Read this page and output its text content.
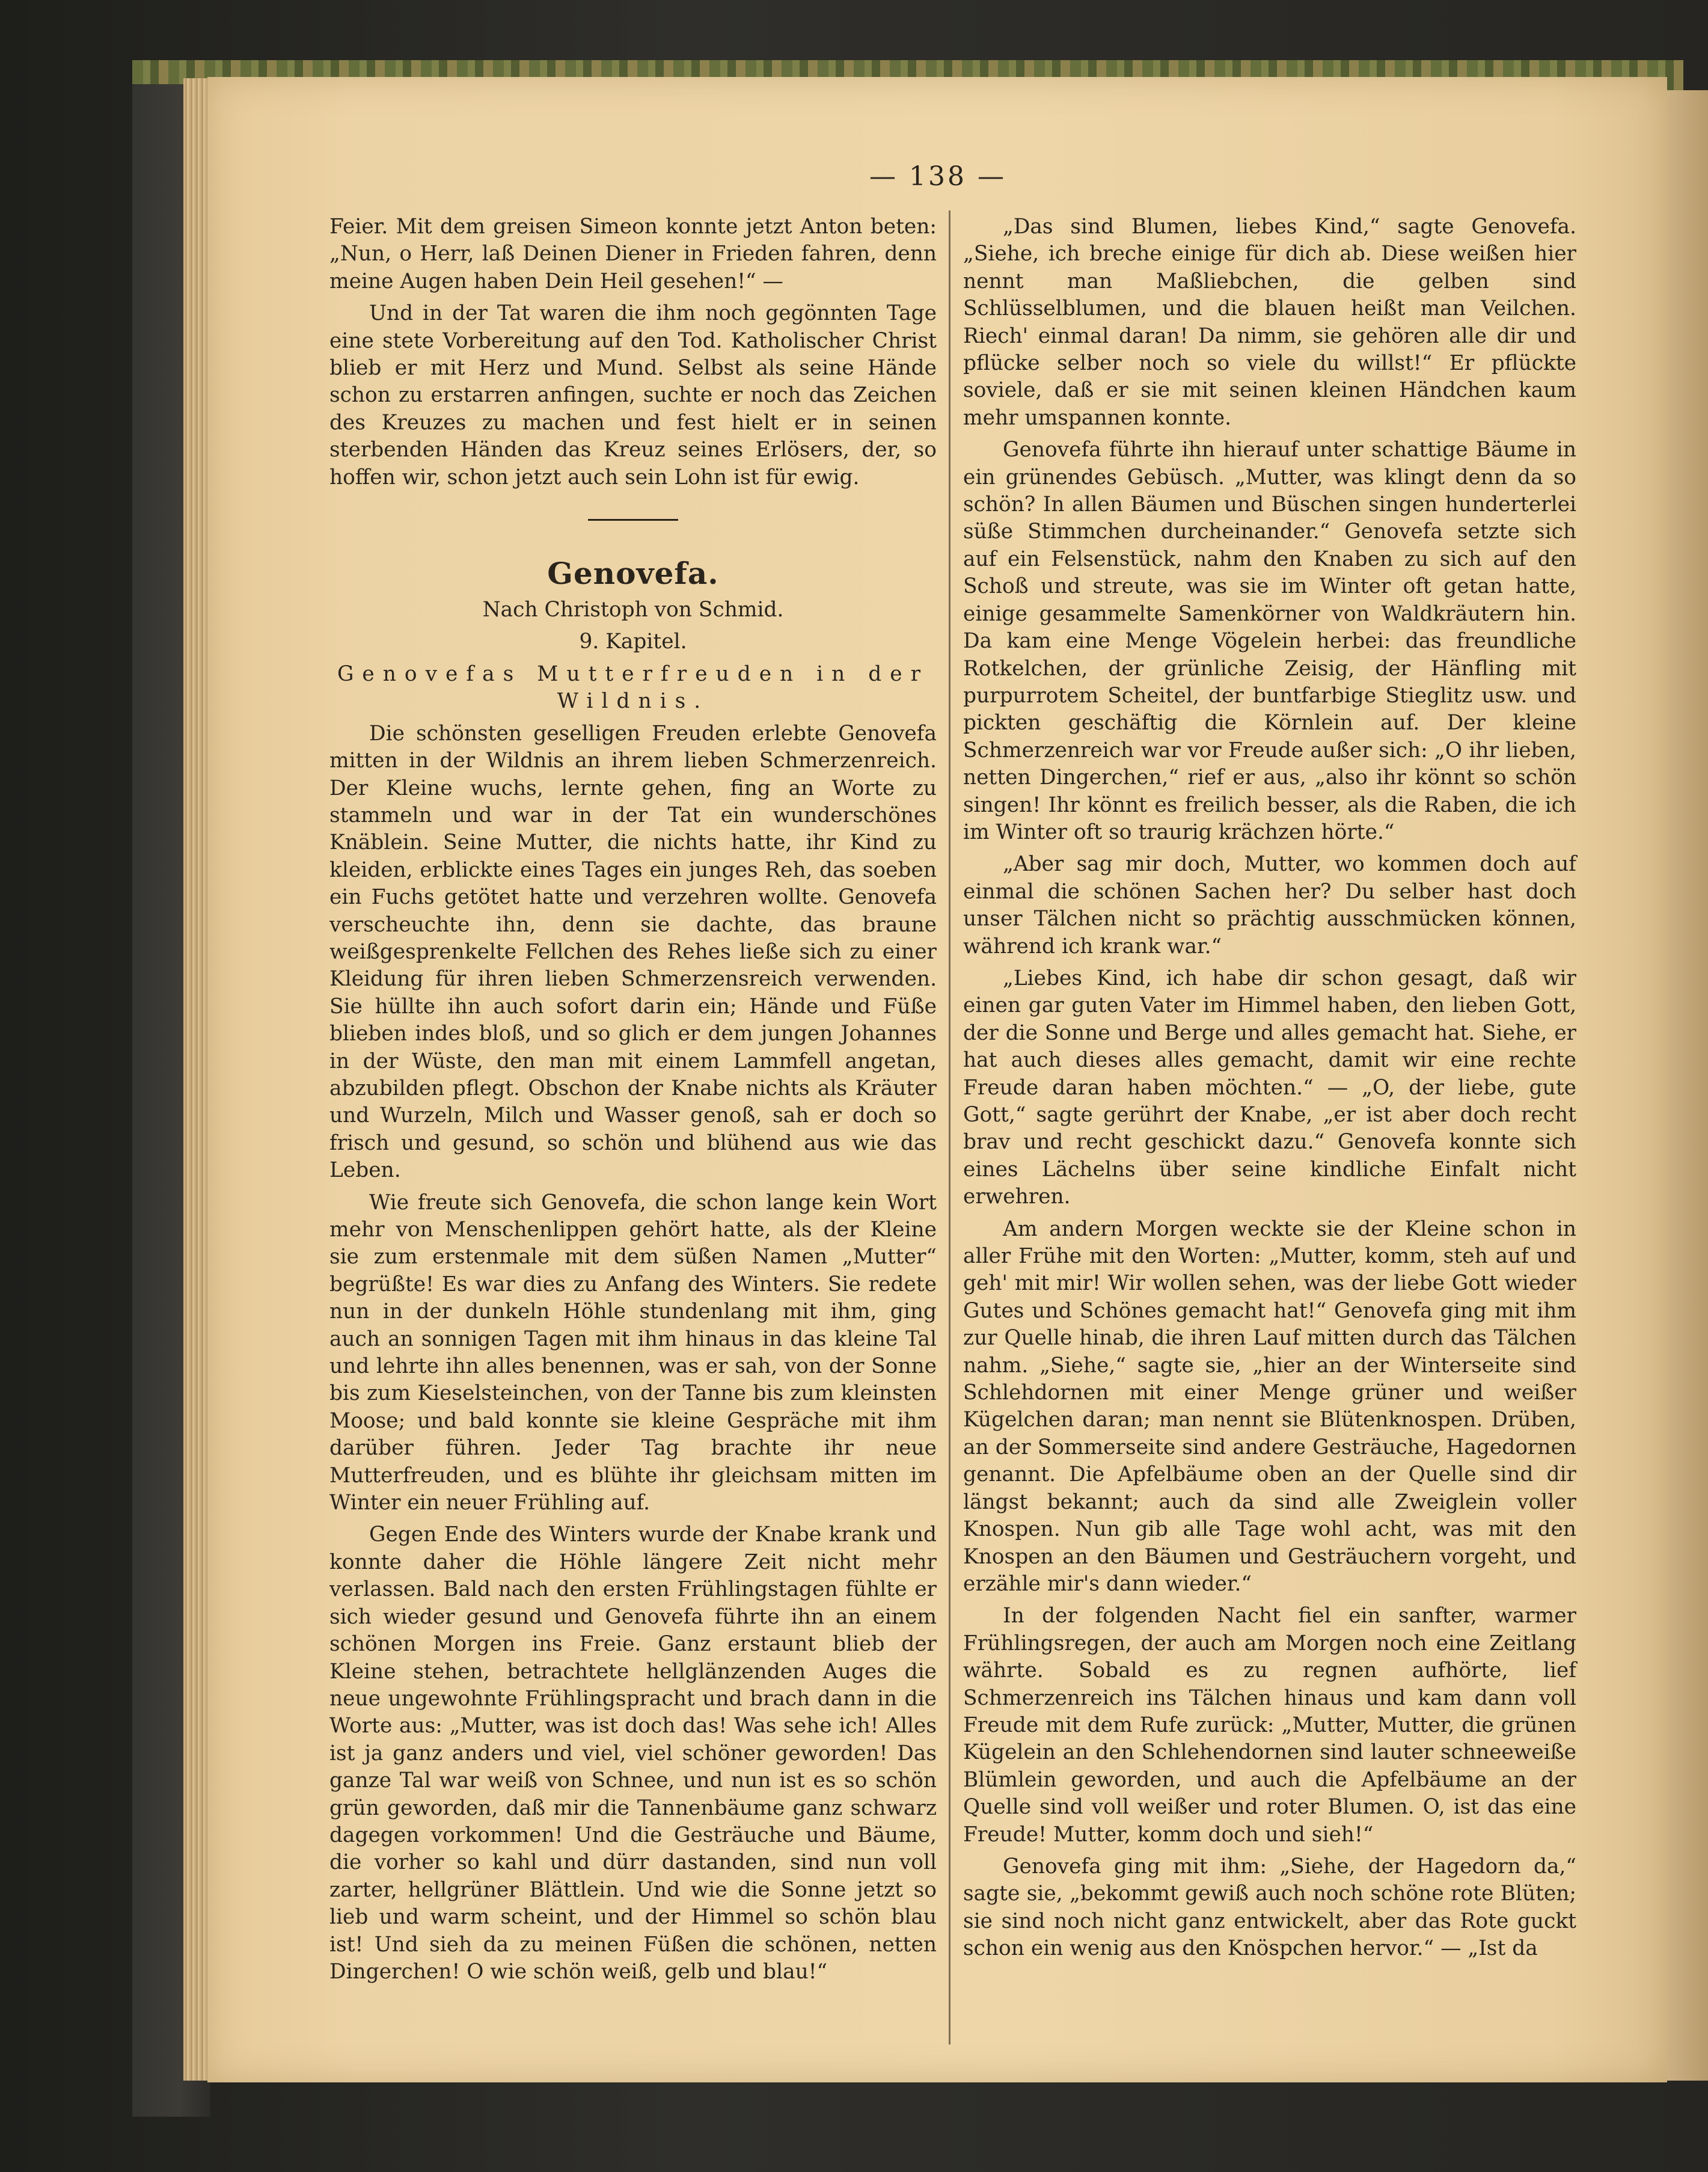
— 138 —

Feier. Mit dem greisen Simeon konnte jetzt Anton beten: „Nun, o Herr, laß Deinen Diener in Frieden fahren, denn meine Augen haben Dein Heil gesehen!“ —

Und in der Tat waren die ihm noch gegönnten Tage eine stete Vorbereitung auf den Tod. Katholischer Christ blieb er mit Herz und Mund. Selbst als seine Hände schon zu erstarren anfingen, suchte er noch das Zeichen des Kreuzes zu machen und fest hielt er in seinen sterbenden Händen das Kreuz seines Erlösers, der, so hoffen wir, schon jetzt auch sein Lohn ist für ewig.

Genovefa.

Nach Christoph von Schmid.

9. Kapitel.

Genovefas Mutterfreuden in der Wildnis.

Die schönsten geselligen Freuden erlebte Genovefa mitten in der Wildnis an ihrem lieben Schmerzenreich. Der Kleine wuchs, lernte gehen, fing an Worte zu stammeln und war in der Tat ein wunderschönes Knäblein. Seine Mutter, die nichts hatte, ihr Kind zu kleiden, erblickte eines Tages ein junges Reh, das soeben ein Fuchs getötet hatte und verzehren wollte. Genovefa verscheuchte ihn, denn sie dachte, das braune weißgesprenkelte Fellchen des Rehes ließe sich zu einer Kleidung für ihren lieben Schmerzensreich verwenden. Sie hüllte ihn auch sofort darin ein; Hände und Füße blieben indes bloß, und so glich er dem jungen Johannes in der Wüste, den man mit einem Lammfell angetan, abzubilden pflegt. Obschon der Knabe nichts als Kräuter und Wurzeln, Milch und Wasser genoß, sah er doch so frisch und gesund, so schön und blühend aus wie das Leben.

Wie freute sich Genovefa, die schon lange kein Wort mehr von Menschenlippen gehört hatte, als der Kleine sie zum erstenmale mit dem süßen Namen „Mutter“ begrüßte! Es war dies zu Anfang des Winters. Sie redete nun in der dunkeln Höhle stundenlang mit ihm, ging auch an sonnigen Tagen mit ihm hinaus in das kleine Tal und lehrte ihn alles benennen, was er sah, von der Sonne bis zum Kieselsteinchen, von der Tanne bis zum kleinsten Moose; und bald konnte sie kleine Gespräche mit ihm darüber führen. Jeder Tag brachte ihr neue Mutterfreuden, und es blühte ihr gleichsam mitten im Winter ein neuer Frühling auf.

Gegen Ende des Winters wurde der Knabe krank und konnte daher die Höhle längere Zeit nicht mehr verlassen. Bald nach den ersten Frühlingstagen fühlte er sich wieder gesund und Genovefa führte ihn an einem schönen Morgen ins Freie. Ganz erstaunt blieb der Kleine stehen, betrachtete hellglänzenden Auges die neue ungewohnte Frühlingspracht und brach dann in die Worte aus: „Mutter, was ist doch das! Was sehe ich! Alles ist ja ganz anders und viel, viel schöner geworden! Das ganze Tal war weiß von Schnee, und nun ist es so schön grün geworden, daß mir die Tannenbäume ganz schwarz dagegen vorkommen! Und die Gesträuche und Bäume, die vorher so kahl und dürr dastanden, sind nun voll zarter, hellgrüner Blättlein. Und wie die Sonne jetzt so lieb und warm scheint, und der Himmel so schön blau ist! Und sieh da zu meinen Füßen die schönen, netten Dingerchen! O wie schön weiß, gelb und blau!“

„Das sind Blumen, liebes Kind,“ sagte Genovefa. „Siehe, ich breche einige für dich ab. Diese weißen hier nennt man Maßliebchen, die gelben sind Schlüsselblumen, und die blauen heißt man Veilchen. Riech' einmal daran! Da nimm, sie gehören alle dir und pflücke selber noch so viele du willst!“ Er pflückte soviele, daß er sie mit seinen kleinen Händchen kaum mehr umspannen konnte.

Genovefa führte ihn hierauf unter schattige Bäume in ein grünendes Gebüsch. „Mutter, was klingt denn da so schön? In allen Bäumen und Büschen singen hunderterlei süße Stimmchen durcheinander.“ Genovefa setzte sich auf ein Felsenstück, nahm den Knaben zu sich auf den Schoß und streute, was sie im Winter oft getan hatte, einige gesammelte Samenkörner von Waldkräutern hin. Da kam eine Menge Vögelein herbei: das freundliche Rotkelchen, der grünliche Zeisig, der Hänfling mit purpurrotem Scheitel, der buntfarbige Stieglitz usw. und pickten geschäftig die Körnlein auf. Der kleine Schmerzenreich war vor Freude außer sich: „O ihr lieben, netten Dingerchen,“ rief er aus, „also ihr könnt so schön singen! Ihr könnt es freilich besser, als die Raben, die ich im Winter oft so traurig krächzen hörte.“

„Aber sag mir doch, Mutter, wo kommen doch auf einmal die schönen Sachen her? Du selber hast doch unser Tälchen nicht so prächtig ausschmücken können, während ich krank war.“

„Liebes Kind, ich habe dir schon gesagt, daß wir einen gar guten Vater im Himmel haben, den lieben Gott, der die Sonne und Berge und alles gemacht hat. Siehe, er hat auch dieses alles gemacht, damit wir eine rechte Freude daran haben möchten.“ — „O, der liebe, gute Gott,“ sagte gerührt der Knabe, „er ist aber doch recht brav und recht geschickt dazu.“ Genovefa konnte sich eines Lächelns über seine kindliche Einfalt nicht erwehren.

Am andern Morgen weckte sie der Kleine schon in aller Frühe mit den Worten: „Mutter, komm, steh auf und geh' mit mir! Wir wollen sehen, was der liebe Gott wieder Gutes und Schönes gemacht hat!“ Genovefa ging mit ihm zur Quelle hinab, die ihren Lauf mitten durch das Tälchen nahm. „Siehe,“ sagte sie, „hier an der Winterseite sind Schlehdornen mit einer Menge grüner und weißer Kügelchen daran; man nennt sie Blütenknospen. Drüben, an der Sommerseite sind andere Gesträuche, Hagedornen genannt. Die Apfelbäume oben an der Quelle sind dir längst bekannt; auch da sind alle Zweiglein voller Knospen. Nun gib alle Tage wohl acht, was mit den Knospen an den Bäumen und Gesträuchern vorgeht, und erzähle mir's dann wieder.“

In der folgenden Nacht fiel ein sanfter, warmer Frühlingsregen, der auch am Morgen noch eine Zeitlang währte. Sobald es zu regnen aufhörte, lief Schmerzenreich ins Tälchen hinaus und kam dann voll Freude mit dem Rufe zurück: „Mutter, Mutter, die grünen Kügelein an den Schlehendornen sind lauter schneeweiße Blümlein geworden, und auch die Apfelbäume an der Quelle sind voll weißer und roter Blumen. O, ist das eine Freude! Mutter, komm doch und sieh!“

Genovefa ging mit ihm: „Siehe, der Hagedorn da,“ sagte sie, „bekommt gewiß auch noch schöne rote Blüten; sie sind noch nicht ganz entwickelt, aber das Rote guckt schon ein wenig aus den Knöspchen hervor.“ — „Ist da
